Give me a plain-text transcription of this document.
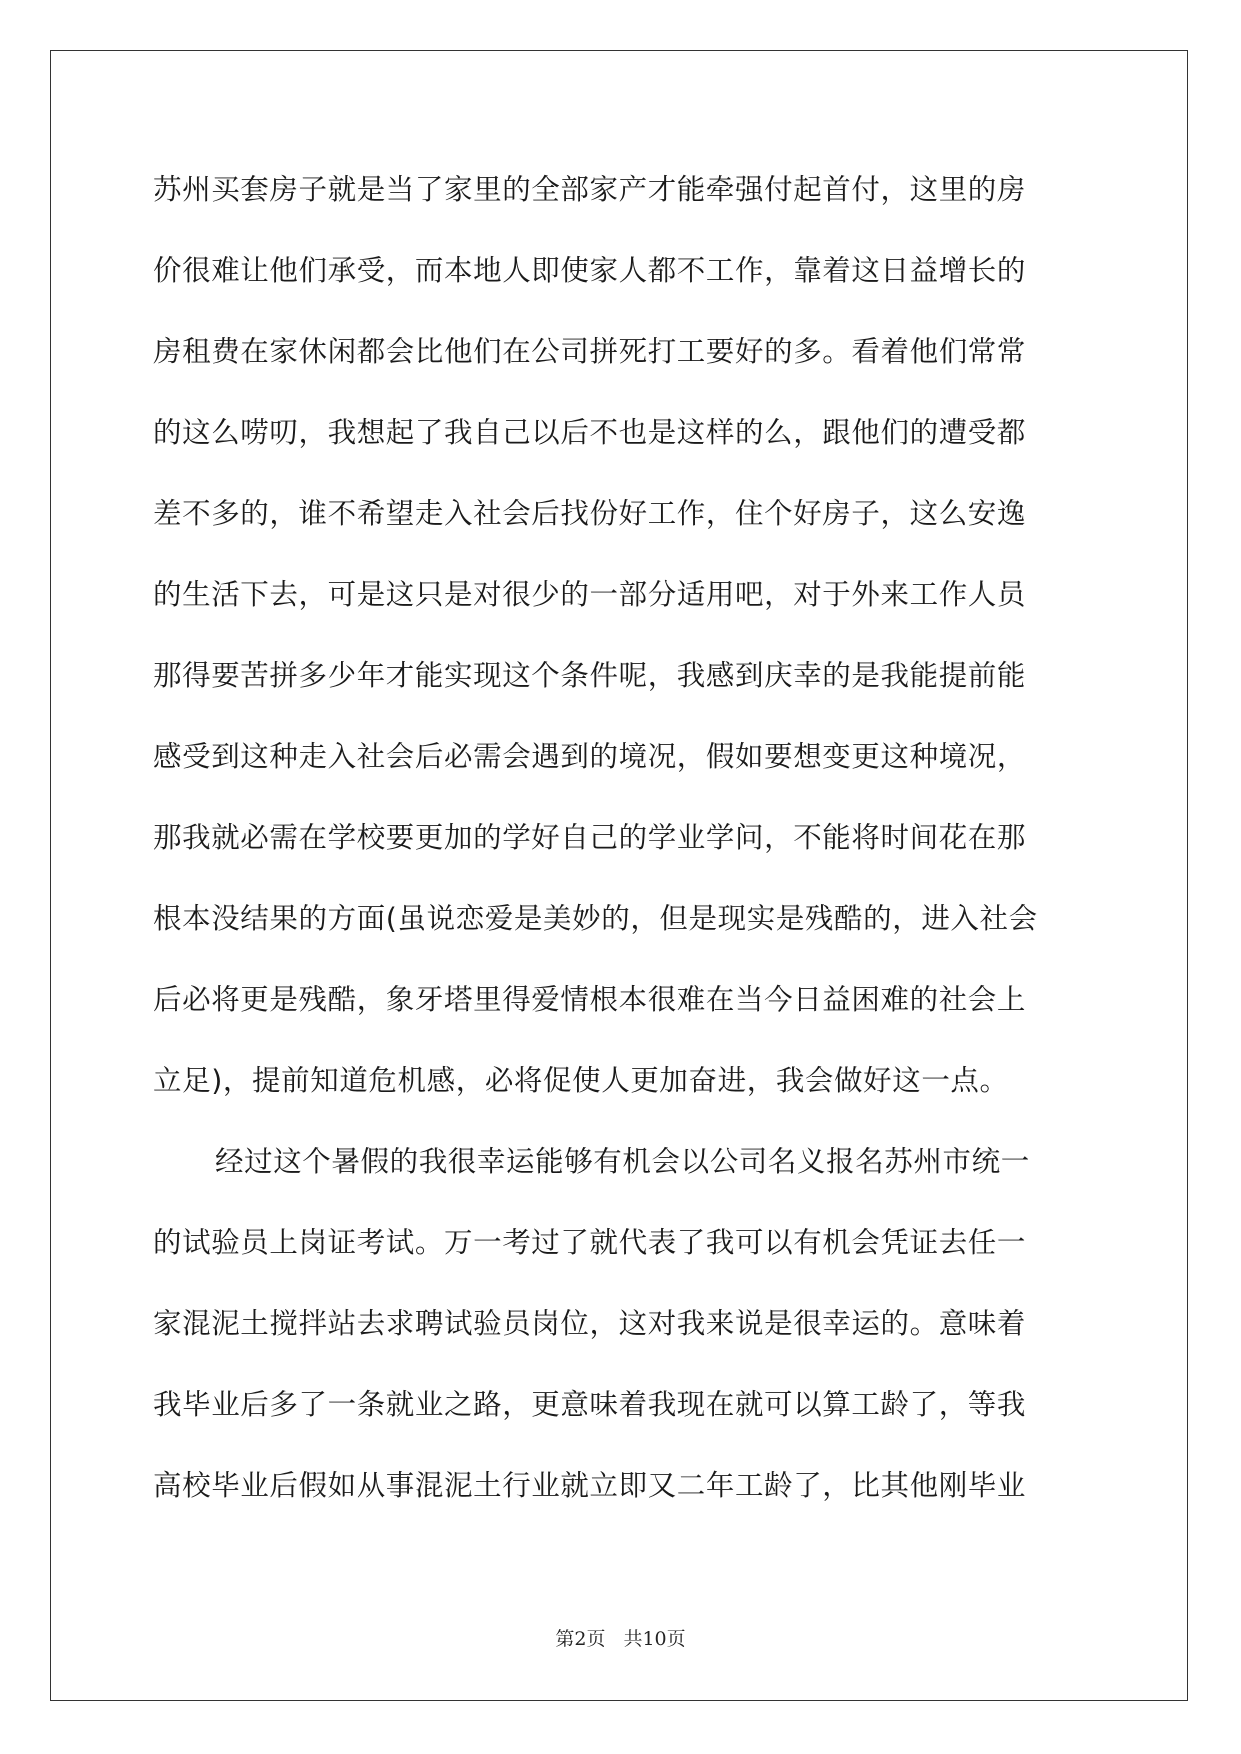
苏州买套房子就是当了家里的全部家产才能牵强付起首付，这里的房
价很难让他们承受，而本地人即使家人都不工作，靠着这日益增长的
房租费在家休闲都会比他们在公司拼死打工要好的多。看着他们常常
的这么唠叨，我想起了我自己以后不也是这样的么，跟他们的遭受都
差不多的，谁不希望走入社会后找份好工作，住个好房子，这么安逸
的生活下去，可是这只是对很少的一部分适用吧，对于外来工作人员
那得要苦拼多少年才能实现这个条件呢，我感到庆幸的是我能提前能
感受到这种走入社会后必需会遇到的境况，假如要想变更这种境况，
那我就必需在学校要更加的学好自己的学业学问，不能将时间花在那
根本没结果的方面(虽说恋爱是美妙的，但是现实是残酷的，进入社会
后必将更是残酷，象牙塔里得爱情根本很难在当今日益困难的社会上
立足)，提前知道危机感，必将促使人更加奋进，我会做好这一点。
经过这个暑假的我很幸运能够有机会以公司名义报名苏州市统一
的试验员上岗证考试。万一考过了就代表了我可以有机会凭证去任一
家混泥土搅拌站去求聘试验员岗位，这对我来说是很幸运的。意味着
我毕业后多了一条就业之路，更意味着我现在就可以算工龄了，等我
高校毕业后假如从事混泥土行业就立即又二年工龄了，比其他刚毕业
第2页 共10页
